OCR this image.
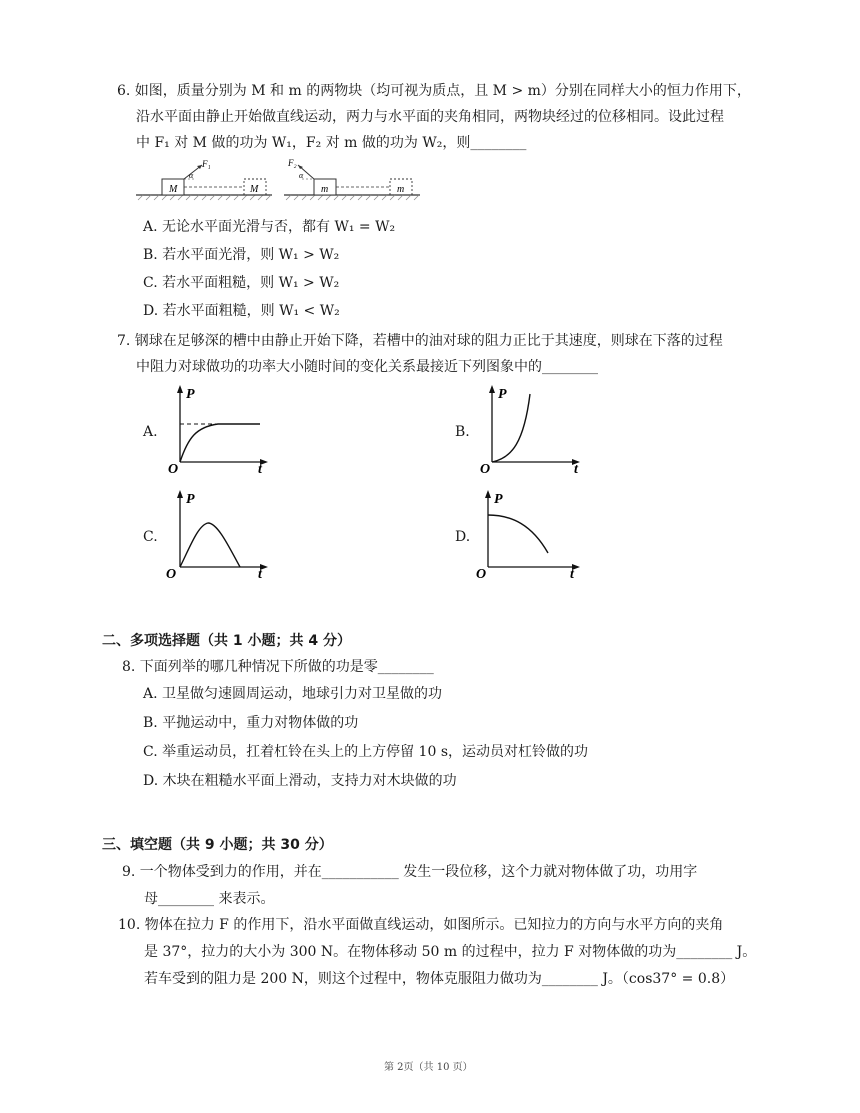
6. 如图，质量分别为 M 和 m 的两物块（均可视为质点，且 M > m）分别在同样大小的恒力作用下，
沿水平面由静止开始做直线运动，两力与水平面的夹角相同，两物块经过的位移相同。设此过程
中 F₁ 对 M 做的功为 W₁，F₂ 对 m 做的功为 W₂，则________
M
F₁
α
M	m
F₂
α
m
A. 无论水平面光滑与否，都有 W₁ = W₂
B. 若水平面光滑，则 W₁ > W₂
C. 若水平面粗糙，则 W₁ > W₂
D. 若水平面粗糙，则 W₁ < W₂
7. 钢球在足够深的槽中由静止开始下降，若槽中的油对球的阻力正比于其速度，则球在下落的过程
中阻力对球做功的功率大小随时间的变化关系最接近下列图象中的________
A.
P
O	t
B.
P
O	t
C.
P
O	t
D.
P
O	t
二、多项选择题（共 1 小题；共 4 分）
8. 下面列举的哪几种情况下所做的功是零________
A. 卫星做匀速圆周运动，地球引力对卫星做的功
B. 平抛运动中，重力对物体做的功
C. 举重运动员，扛着杠铃在头上的上方停留 10 s，运动员对杠铃做的功
D. 木块在粗糙水平面上滑动，支持力对木块做的功
三、填空题（共 9 小题；共 30 分）
9. 一个物体受到力的作用，并在___________ 发生一段位移，这个力就对物体做了功，功用字
母________ 来表示。
10. 物体在拉力 F 的作用下，沿水平面做直线运动，如图所示。已知拉力的方向与水平方向的夹角
是 37°，拉力的大小为 300 N。在物体移动 50 m 的过程中，拉力 F 对物体做的功为________ J。
若车受到的阻力是 200 N，则这个过程中，物体克服阻力做功为________ J。（cos37° = 0.8）
第 2页（共 10 页）
